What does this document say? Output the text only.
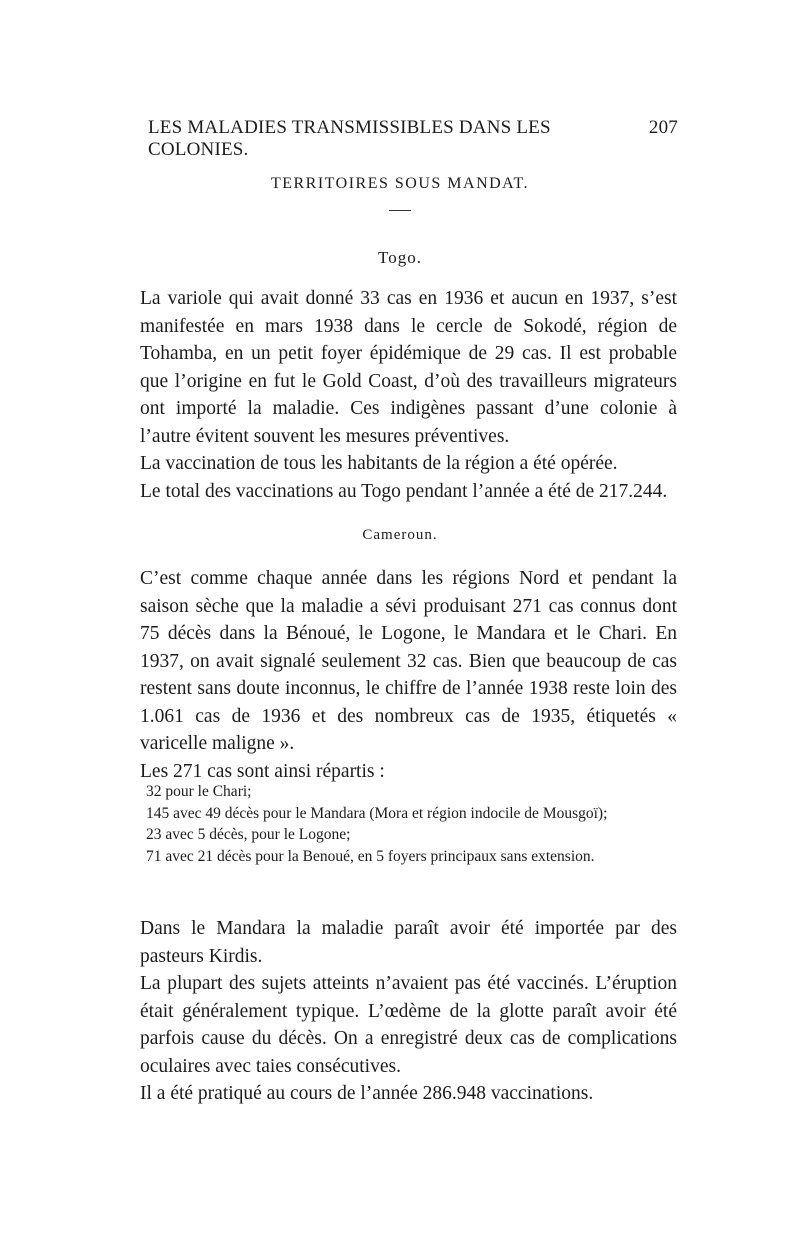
LES MALADIES TRANSMISSIBLES DANS LES COLONIES.
207
TERRITOIRES SOUS MANDAT.
Togo.

La variole qui avait donné 33 cas en 1936 et aucun en 1937, s’est manifestée en mars 1938 dans le cercle de Sokodé, région de Tohamba, en un petit foyer épidémique de 29 cas. Il est probable que l’origine en fut le Gold Coast, d’où des travailleurs migrateurs ont importé la maladie. Ces indigènes passant d’une colonie à l’autre évitent souvent les mesures préventives.

La vaccination de tous les habitants de la région a été opérée.

Le total des vaccinations au Togo pendant l’année a été de 217.244.

Cameroun.

C’est comme chaque année dans les régions Nord et pendant la saison sèche que la maladie a sévi produisant 271 cas connus dont 75 décès dans la Bénoué, le Logone, le Mandara et le Chari. En 1937, on avait signalé seulement 32 cas. Bien que beaucoup de cas restent sans doute inconnus, le chiffre de l’année 1938 reste loin des 1.061 cas de 1936 et des nombreux cas de 1935, étiquetés « varicelle maligne ».

Les 271 cas sont ainsi répartis :

32 pour le Chari;
145 avec 49 décès pour le Mandara (Mora et région indocile de Mousgoï);
23 avec 5 décès, pour le Logone;
71 avec 21 décès pour la Benoué, en 5 foyers principaux sans extension.

Dans le Mandara la maladie paraît avoir été importée par des pasteurs Kirdis.

La plupart des sujets atteints n’avaient pas été vaccinés. L’éruption était généralement typique. L’œdème de la glotte paraît avoir été parfois cause du décès. On a enregistré deux cas de complications oculaires avec taies consécutives.

Il a été pratiqué au cours de l’année 286.948 vaccinations.
